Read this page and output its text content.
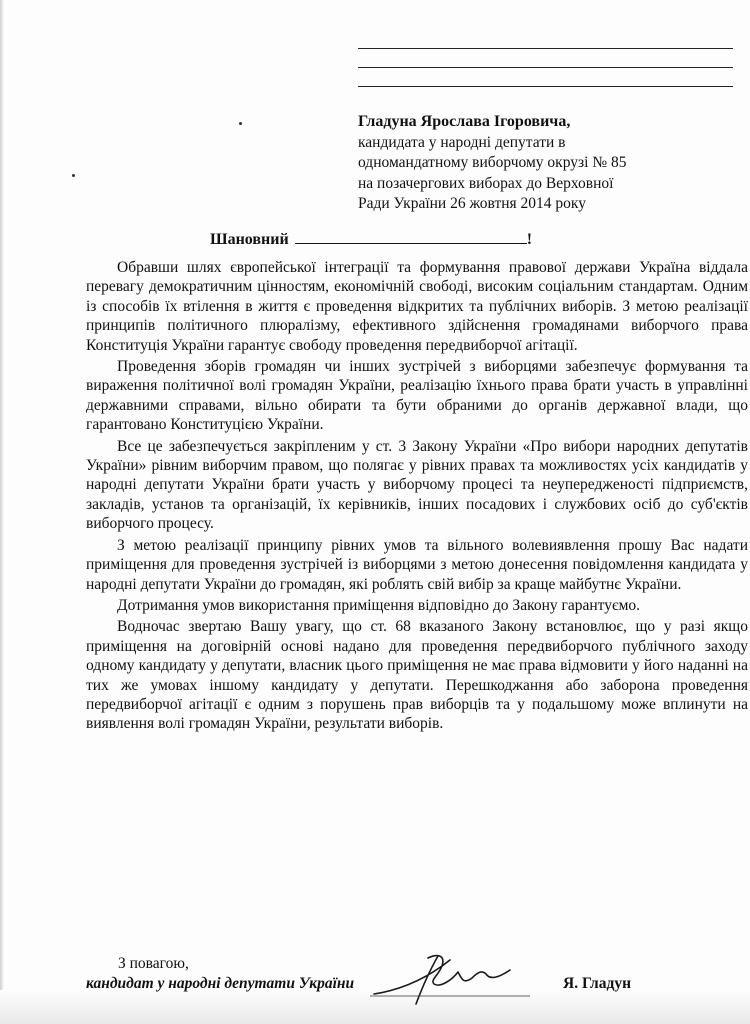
Гладуна Ярослава Ігоровича,
кандидата у народні депутати в
одномандатному виборчому окрузі № 85
на позачергових виборах до Верховної
Ради України 26 жовтня 2014 року
Шановний	!

Обравши шлях європейської інтеграції та формування правової держави Україна віддала перевагу демократичним цінностям, економічній свободі, високим соціальним стандартам. Одним із способів їх втілення в життя є проведення відкритих та публічних виборів. З метою реалізації принципів політичного плюралізму, ефективного здійснення громадянами виборчого права Конституція України гарантує свободу проведення передвиборчої агітації.

Проведення зборів громадян чи інших зустрічей з виборцями забезпечує формування та вираження політичної волі громадян України, реалізацію їхнього права брати участь в управлінні державними справами, вільно обирати та бути обраними до органів державної влади, що гарантовано Конституцією України.

Все це забезпечується закріпленим у ст. 3 Закону України «Про вибори народних депутатів України» рівним виборчим правом, що полягає у рівних правах та можливостях усіх кандидатів у народні депутати України брати участь у виборчому процесі та неупередженості підприємств, закладів, установ та організацій, їх керівників, інших посадових і службових осіб до суб'єктів виборчого процесу.

З метою реалізації принципу рівних умов та вільного волевиявлення прошу Вас надати приміщення для проведення зустрічей із виборцями з метою донесення повідомлення кандидата у народні депутати України до громадян, які роблять свій вибір за краще майбутнє України.

Дотримання умов використання приміщення відповідно до Закону гарантуємо.

Водночас звертаю Вашу увагу, що ст. 68 вказаного Закону встановлює, що у разі якщо приміщення на договірній основі надано для проведення передвиборчого публічного заходу одному кандидату у депутати, власник цього приміщення не має права відмовити у його наданні на тих же умовах іншому кандидату у депутати. Перешкоджання або заборона проведення передвиборчої агітації є одним з порушень прав виборців та у подальшому може вплинути на виявлення волі громадян України, результати виборів.

З повагою,
кандидат у народні депутати України	Я. Гладун
